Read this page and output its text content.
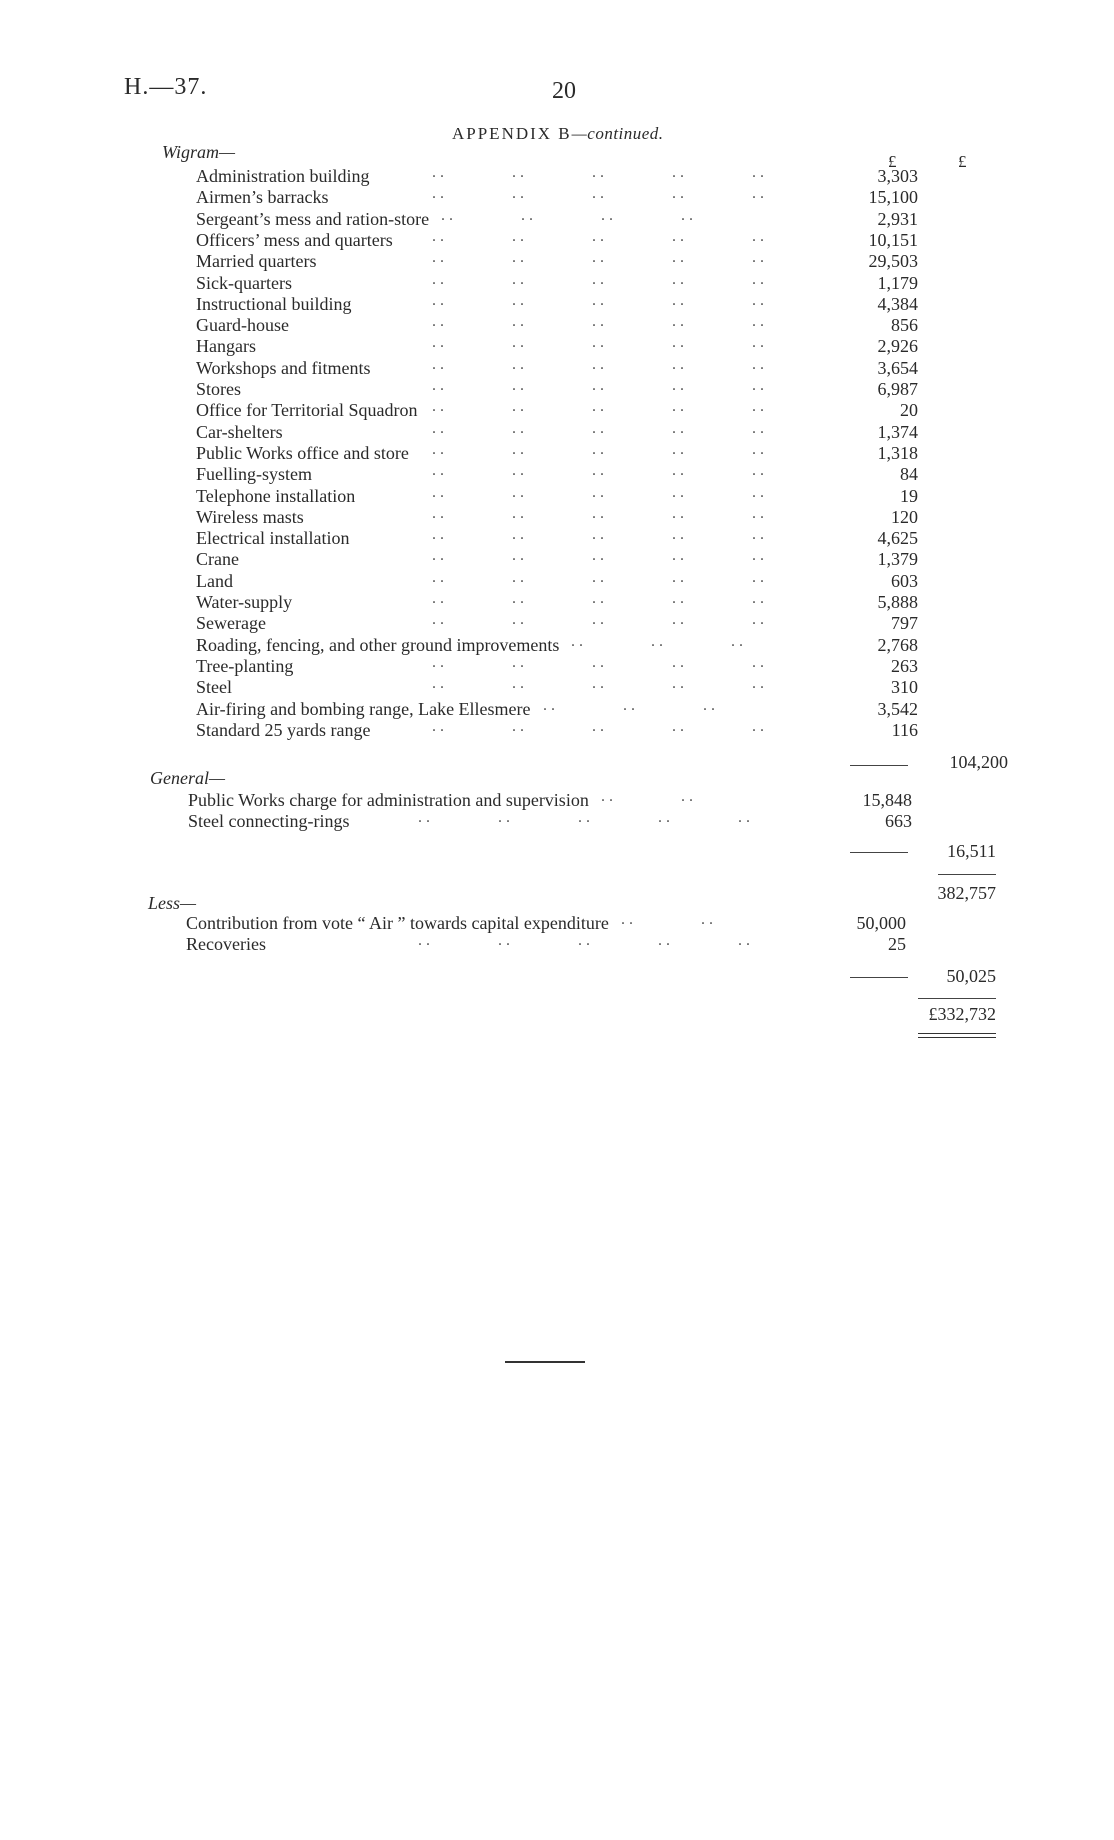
H.—37.	20
APPENDIX B—continued.
Wigram—	£	£
Administration building	. .                 . .                 . .                 . .                 . .	3,303
Airmen’s barracks	. .                 . .                 . .                 . .                 . .	15,100
Sergeant’s mess and ration-store . .                 . .                 . .                 . .	2,931
Officers’ mess and quarters . .                 . .                 . .                 . .                 . .	10,151
Married quarters	. .                 . .                 . .                 . .                 . .	29,503
Sick-quarters	. .                 . .                 . .                 . .                 . .	1,179
Instructional building	. .                 . .                 . .                 . .                 . .	4,384
Guard-house	. .                 . .                 . .                 . .                 . .	856
Hangars	. .                 . .                 . .                 . .                 . .	2,926
Workshops and fitments	. .                 . .                 . .                 . .                 . .	3,654
Stores	. .                 . .                 . .                 . .                 . .	6,987
Office for Territorial Squadron . .                 . .                 . .                 . .                 . .	20
Car-shelters	. .                 . .                 . .                 . .                 . .	1,374
Public Works office and store . .                 . .                 . .                 . .                 . .	1,318
Fuelling-system	. .                 . .                 . .                 . .                 . .	84
Telephone installation	. .                 . .                 . .                 . .                 . .	19
Wireless masts	. .                 . .                 . .                 . .                 . .	120
Electrical installation	. .                 . .                 . .                 . .                 . .	4,625
Crane	. .                 . .                 . .                 . .                 . .	1,379
Land	. .                 . .                 . .                 . .                 . .	603
Water-supply	. .                 . .                 . .                 . .                 . .	5,888
Sewerage	. .                 . .                 . .                 . .                 . .	797
Roading, fencing, and other ground improvements . .                 . .                 . .	2,768
Tree-planting	. .                 . .                 . .                 . .                 . .	263
Steel	. .                 . .                 . .                 . .                 . .	310
Air-firing and bombing range, Lake Ellesmere . .                 . .                 . .	3,542
Standard 25 yards range	. .                 . .                 . .                 . .                 . .	116
104,200
General—
Public Works charge for administration and supervision . .                 . .	15,848
Steel connecting-rings	. .                 . .                 . .                 . .                 . .	663
16,511
382,757
Less—
Contribution from vote “ Air ” towards capital expenditure . .                 . .	50,000
Recoveries	. .                 . .                 . .                 . .                 . .	25
50,025
£332,732
